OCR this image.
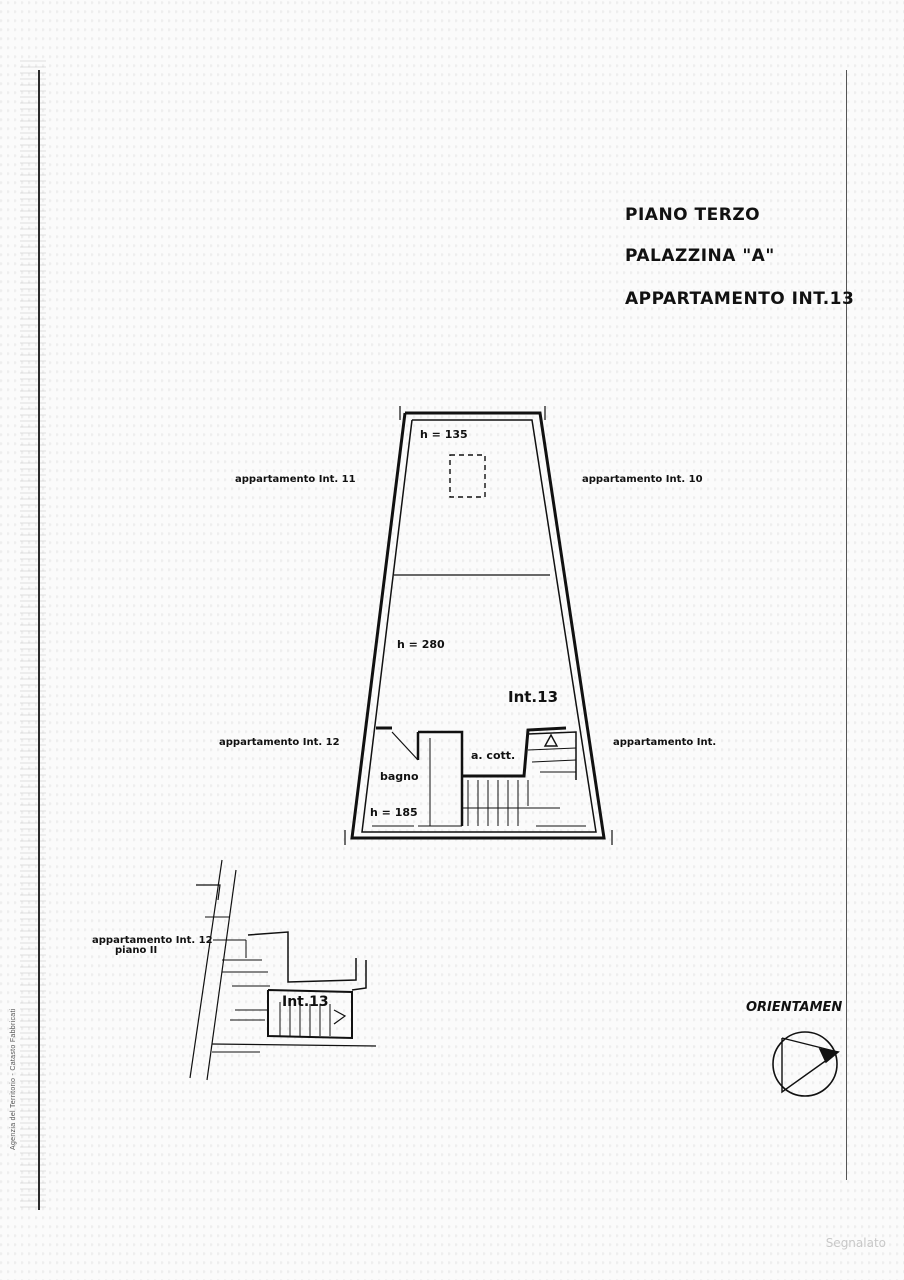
PIANO TERZO
PALAZZINA "A"
APPARTAMENTO INT.13
h = 135
h = 280
h = 185
Int.13
a. cott.
bagno
appartamento Int. 11	appartamento Int. 10
appartamento Int. 12	appartamento Int.
appartamento Int. 12
piano II
Int.13	ORIENTAMEN
Agenzia del Territorio - Catasto Fabbricati
Segnalato
